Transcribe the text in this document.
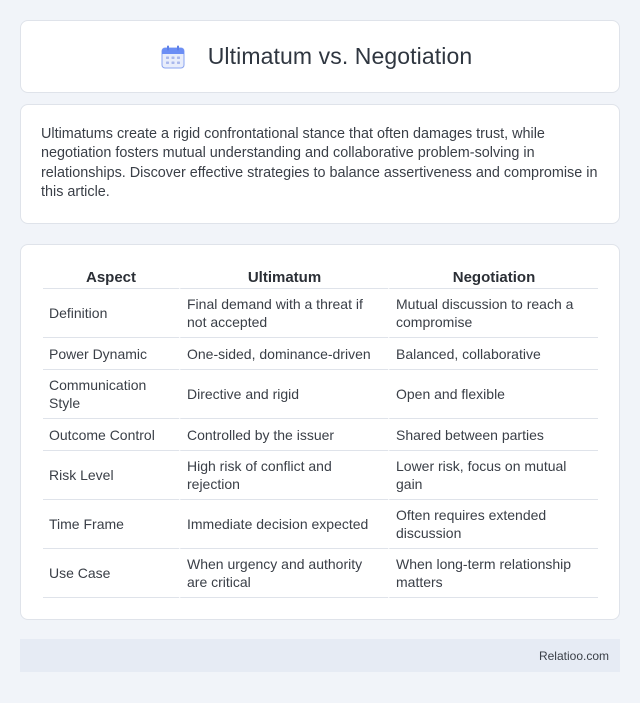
Ultimatum vs. Negotiation

Ultimatums create a rigid confrontational stance that often damages trust, while negotiation fosters mutual understanding and collaborative problem-solving in relationships. Discover effective strategies to balance assertiveness and compromise in this article.

Aspect	Ultimatum	Negotiation
Definition	Final demand with a threat if not accepted	Mutual discussion to reach a compromise
Power Dynamic	One-sided, dominance-driven	Balanced, collaborative
Communication Style	Directive and rigid	Open and flexible
Outcome Control	Controlled by the issuer	Shared between parties
Risk Level	High risk of conflict and rejection	Lower risk, focus on mutual gain
Time Frame	Immediate decision expected	Often requires extended discussion
Use Case	When urgency and authority are critical	When long-term relationship matters
Relatioo.com
